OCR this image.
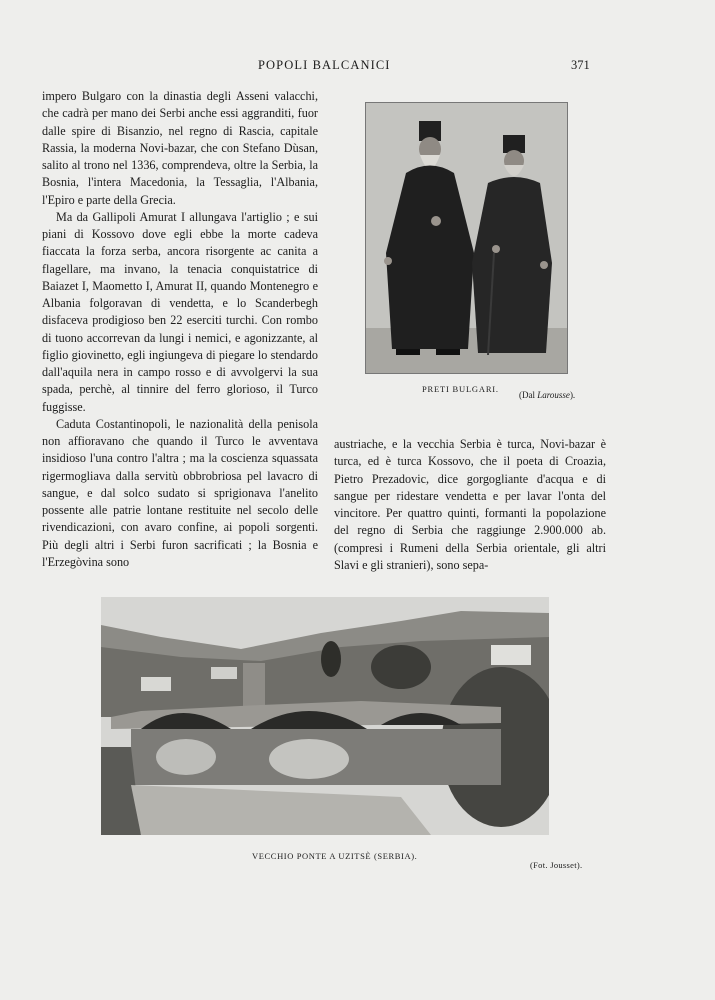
POPOLI BALCANICI	371

impero Bulgaro con la dinastia degli Asseni valacchi, che cadrà per mano dei Serbi anche essi aggranditi, fuor dalle spire di Bisanzio, nel regno di Rascia, capitale Rassia, la moderna Novi-bazar, che con Stefano Dùsan, salito al trono nel 1336, comprendeva, oltre la Serbia, la Bosnia, l'intera Macedonia, la Tessaglia, l'Albania, l'Epiro e parte della Grecia.

Ma da Gallipoli Amurat I allungava l'artiglio ; e sui piani di Kossovo dove egli ebbe la morte cadeva fiaccata la forza serba, ancora risorgente ac canita a flagellare, ma invano, la tenacia conquistatrice di Baiazet I, Maometto I, Amurat II, quando Montenegro e Albania folgoravan di vendetta, e lo Scanderbegh disfaceva prodigioso ben 22 eserciti turchi. Con rombo di tuono accorrevan da lungi i nemici, e agonizzante, al figlio giovinetto, egli ingiungeva di piegare lo stendardo dall'aquila nera in campo rosso e di avvolgervi la sua spada, perchè, al tinnire del ferro glorioso, il Turco fuggisse.

Caduta Costantinopoli, le nazionalità della penisola non affioravano che quando il Turco le avventava insidioso l'una contro l'altra ; ma la coscienza squassata rigermogliava dalla servitù obbrobriosa pel lavacro di sangue, e dal solco sudato si sprigionava l'anelito possente alle patrie lontane restituite nel secolo delle rivendicazioni, con avaro confine, ai popoli sorgenti. Più degli altri i Serbi furon sacrificati ; la Bosnia e l'Erzegòvina sono

PRETI BULGARI.
(Dal Larousse).

austriache, e la vecchia Serbia è turca, Novi-bazar è turca, ed è turca Kossovo, che il poeta di Croazia, Pietro Prezadovic, dice gorgogliante d'acqua e di sangue per ridestare vendetta e per lavar l'onta del vincitore. Per quattro quinti, formanti la popolazione del regno di Serbia che raggiunge 2.900.000 ab. (compresi i Rumeni della Serbia orientale, gli altri Slavi e gli stranieri), sono sepa-

VECCHIO PONTE A UZITSÈ (SERBIA).
(Fot. Jousset).
